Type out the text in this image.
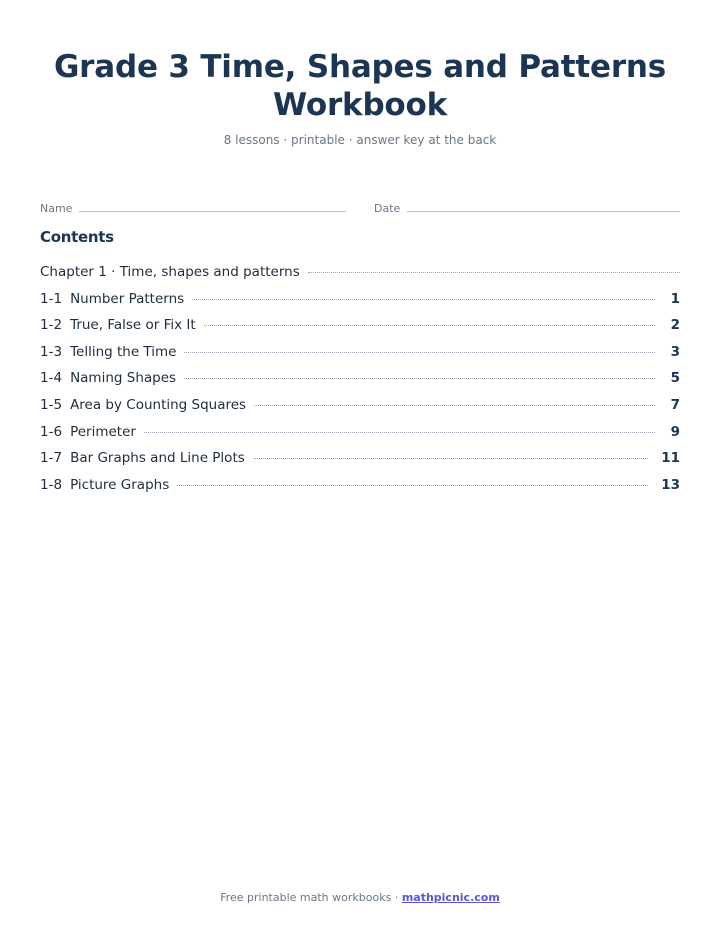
Grade 3 Time, Shapes and Patterns Workbook
8 lessons · printable · answer key at the back
Name	Date
Contents
Chapter 1 · Time, shapes and patterns
1-1 Number Patterns	1
1-2 True, False or Fix It	2
1-3 Telling the Time	3
1-4 Naming Shapes	5
1-5 Area by Counting Squares	7
1-6 Perimeter	9
1-7 Bar Graphs and Line Plots	11
1-8 Picture Graphs	13
Free printable math workbooks · mathpicnic.com
